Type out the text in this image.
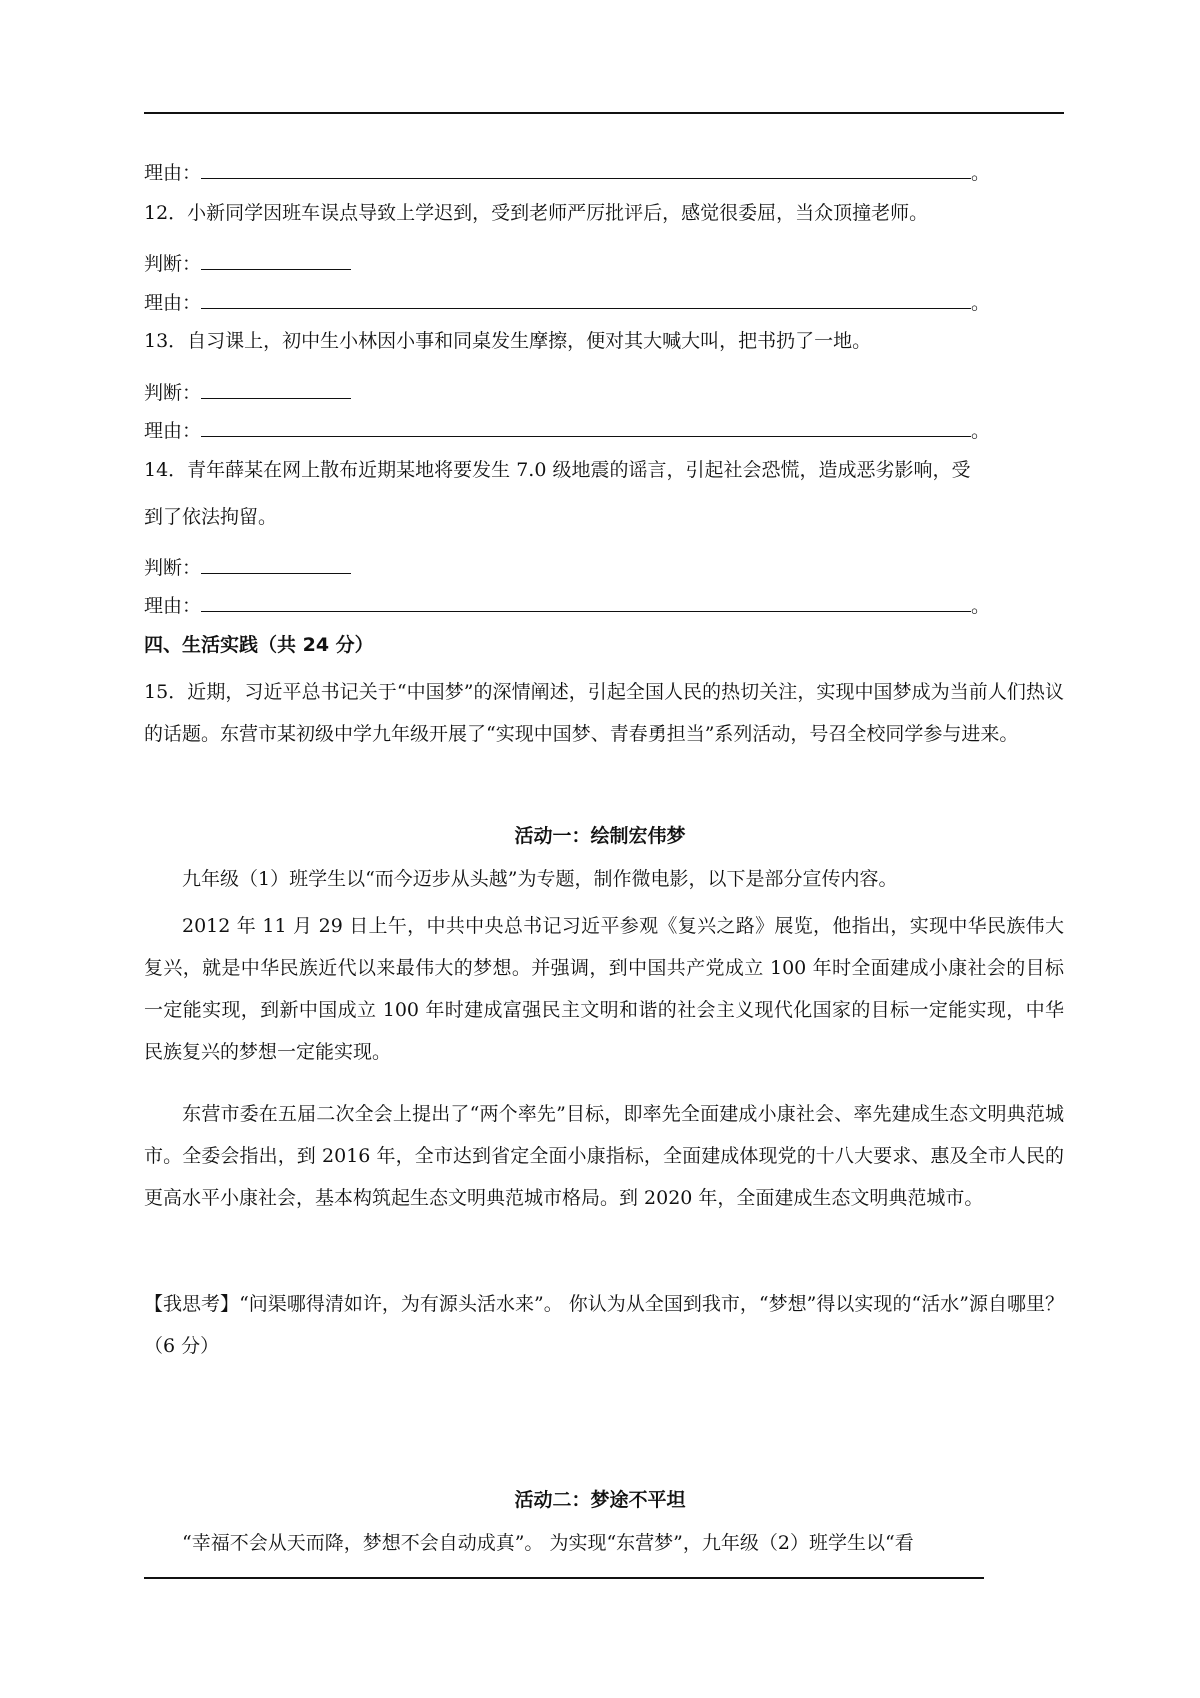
理由：	。
12．小新同学因班车误点导致上学迟到，受到老师严厉批评后，感觉很委屈，当众顶撞老师。
判断：
理由：	。
13．自习课上，初中生小林因小事和同桌发生摩擦，便对其大喊大叫，把书扔了一地。
判断：
理由：	。
14．青年薛某在网上散布近期某地将要发生 7.0 级地震的谣言，引起社会恐慌，造成恶劣影响，受
到了依法拘留。
判断：
理由：	。
四、生活实践（共 24 分）
15．近期，习近平总书记关于“中国梦”的深情阐述，引起全国人民的热切关注，实现中国梦成为当前人们热议的话题。东营市某初级中学九年级开展了“实现中国梦、青春勇担当”系列活动，号召全校同学参与进来。
活动一：绘制宏伟梦
九年级（1）班学生以“而今迈步从头越”为专题，制作微电影，以下是部分宣传内容。
2012 年 11 月 29 日上午，中共中央总书记习近平参观《复兴之路》展览，他指出，实现中华民族伟大复兴，就是中华民族近代以来最伟大的梦想。并强调，到中国共产党成立 100 年时全面建成小康社会的目标一定能实现，到新中国成立 100 年时建成富强民主文明和谐的社会主义现代化国家的目标一定能实现，中华民族复兴的梦想一定能实现。
东营市委在五届二次全会上提出了“两个率先”目标，即率先全面建成小康社会、率先建成生态文明典范城市。全委会指出，到 2016 年，全市达到省定全面小康指标，全面建成体现党的十八大要求、惠及全市人民的更高水平小康社会，基本构筑起生态文明典范城市格局。到 2020 年，全面建成生态文明典范城市。
【我思考】“问渠哪得清如许，为有源头活水来”。 你认为从全国到我市，“梦想”得以实现的“活水”源自哪里？（6 分）
活动二：梦途不平坦
“幸福不会从天而降，梦想不会自动成真”。 为实现“东营梦”，九年级（2）班学生以“看
